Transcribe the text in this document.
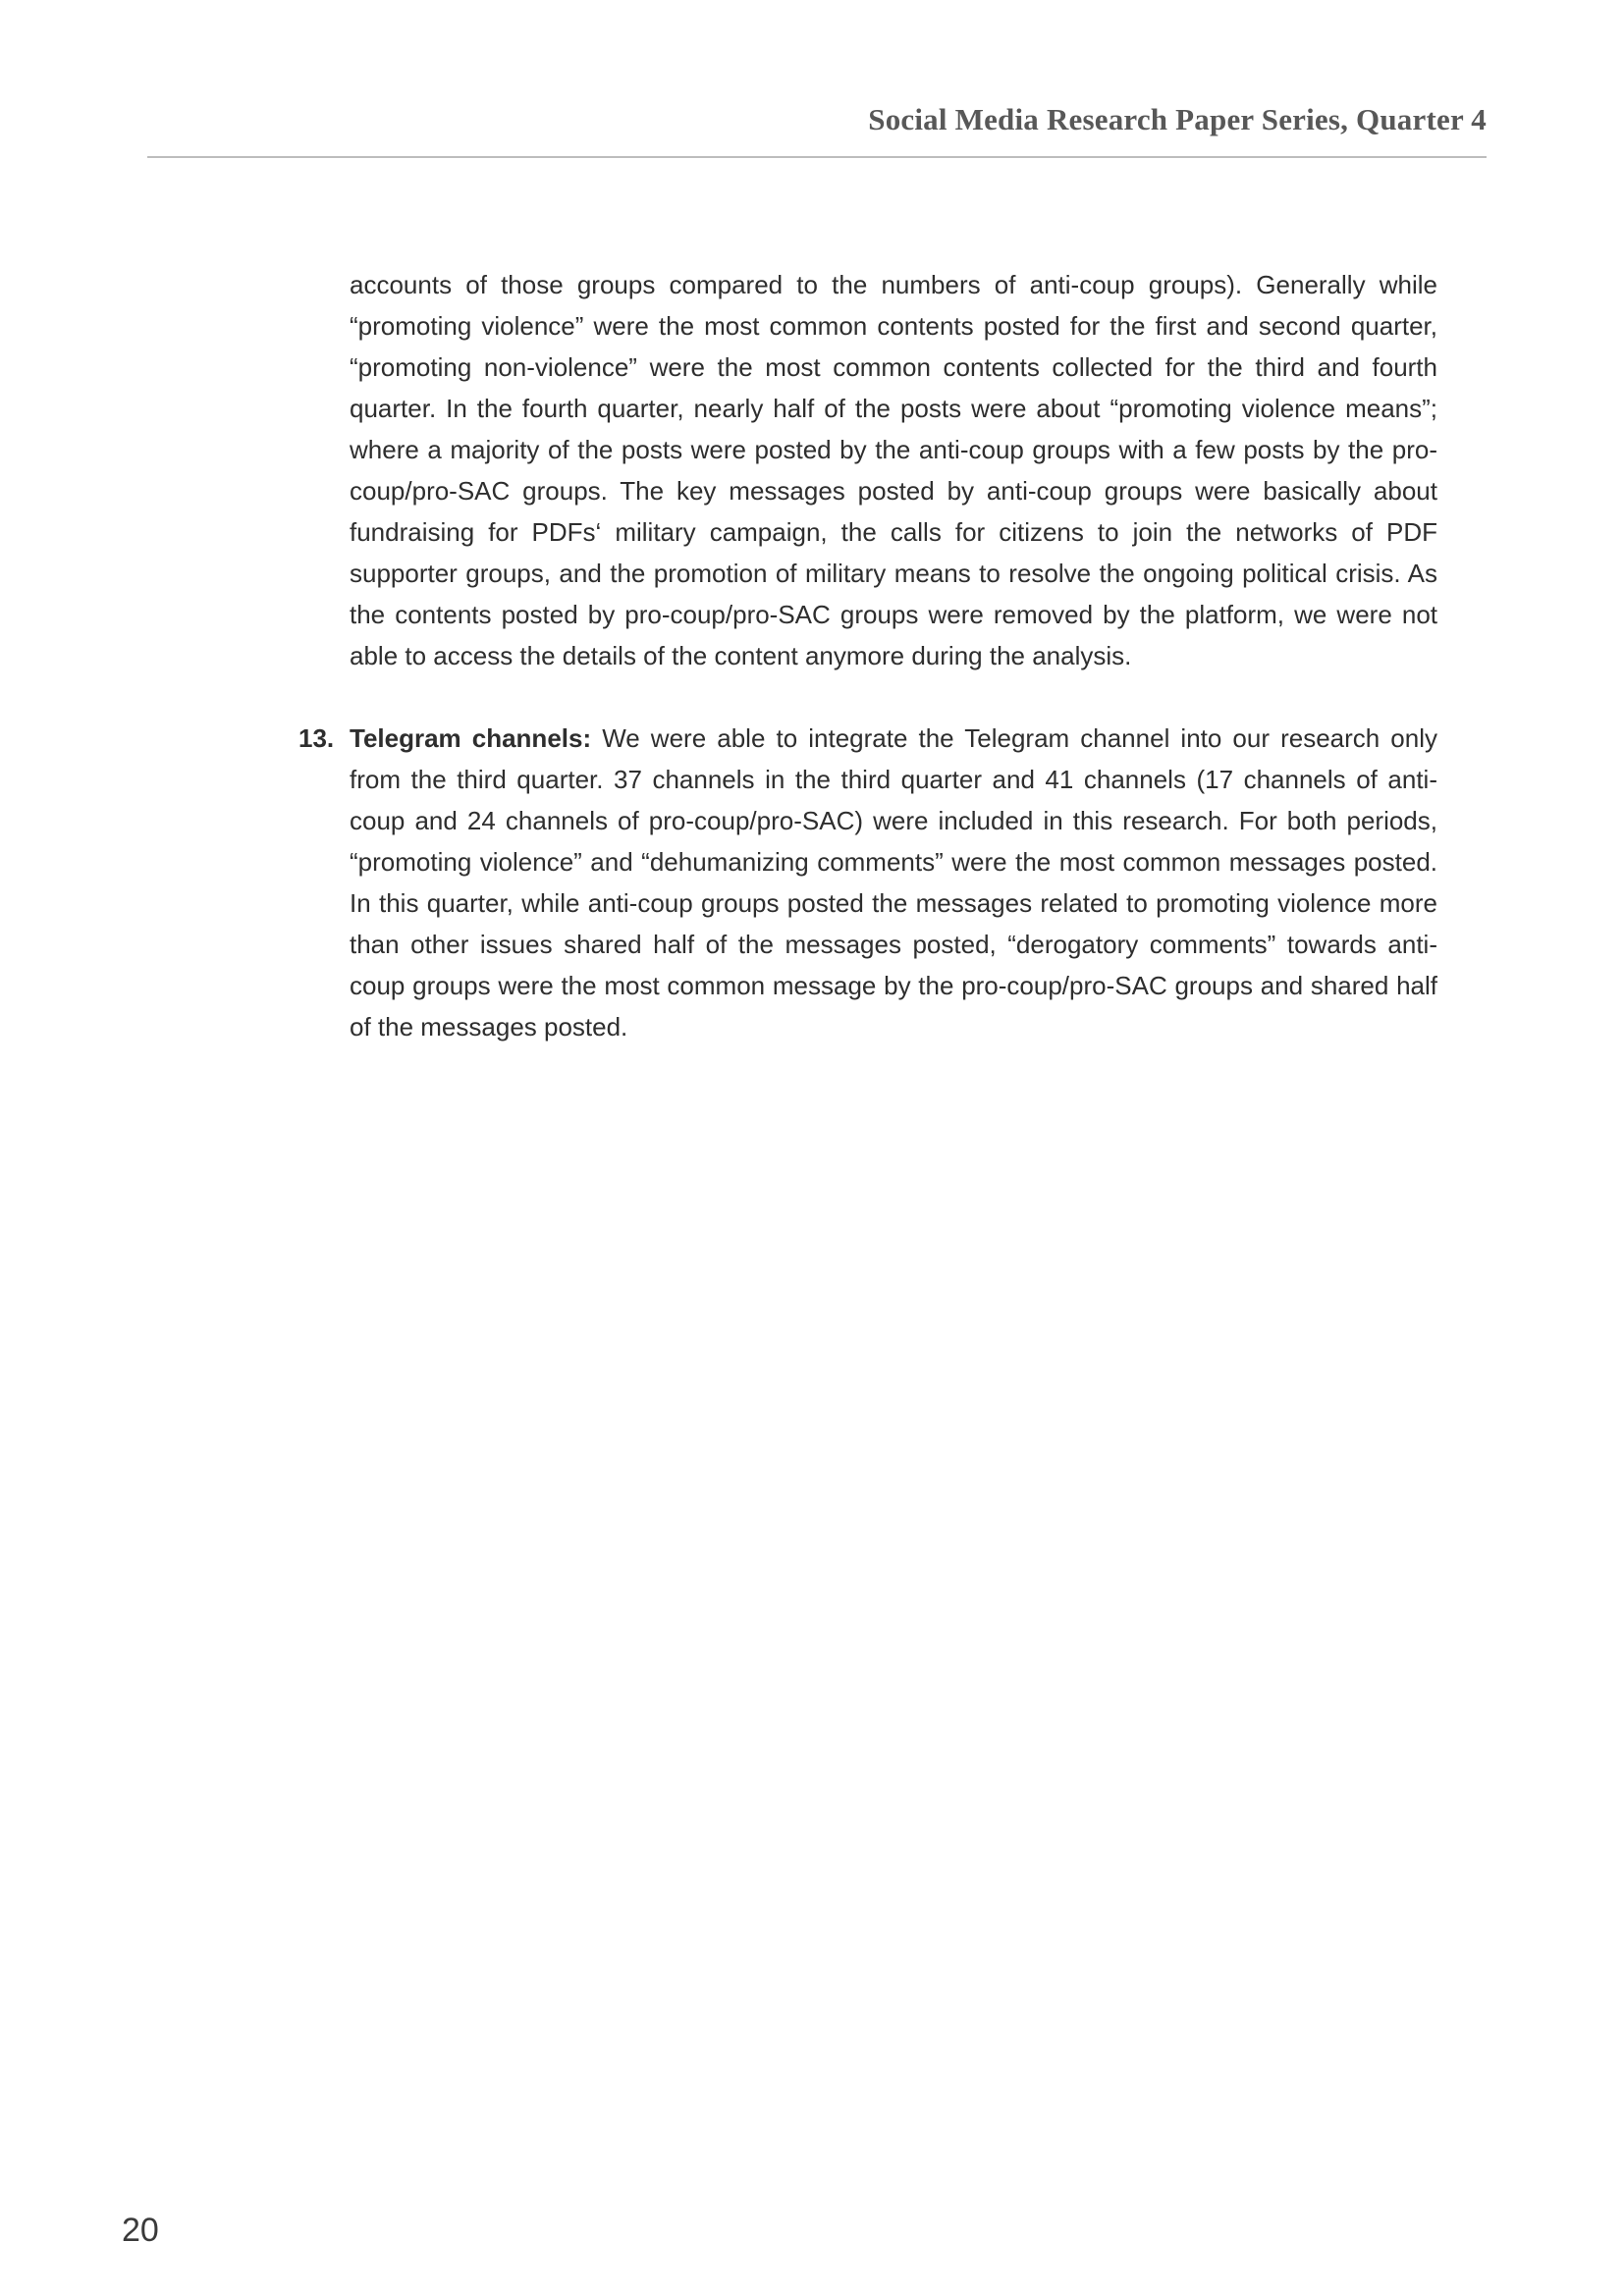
Social Media Research Paper Series, Quarter 4

accounts of those groups compared to the numbers of anti-coup groups). Generally while “promoting violence” were the most common contents posted for the first and second quarter, “promoting non-violence” were the most common contents collected for the third and fourth quarter. In the fourth quarter, nearly half of the posts were about “promoting violence means”; where a majority of the posts were posted by the anti-coup groups with a few posts by the pro-coup/pro-SAC groups. The key messages posted by anti-coup groups were basically about fundraising for PDFs‘ military campaign, the calls for citizens to join the networks of PDF supporter groups, and the promotion of military means to resolve the ongoing political crisis. As the contents posted by pro-coup/pro-SAC groups were removed by the platform, we were not able to access the details of the content anymore during the analysis.

13. Telegram channels: We were able to integrate the Telegram channel into our research only from the third quarter. 37 channels in the third quarter and 41 channels (17 channels of anti-coup and 24 channels of pro-coup/pro-SAC) were included in this research. For both periods, “promoting violence” and “dehumanizing comments” were the most common messages posted. In this quarter, while anti-coup groups posted the messages related to promoting violence more than other issues shared half of the messages posted, “derogatory comments” towards anti-coup groups were the most common message by the pro-coup/pro-SAC groups and shared half of the messages posted.

20
